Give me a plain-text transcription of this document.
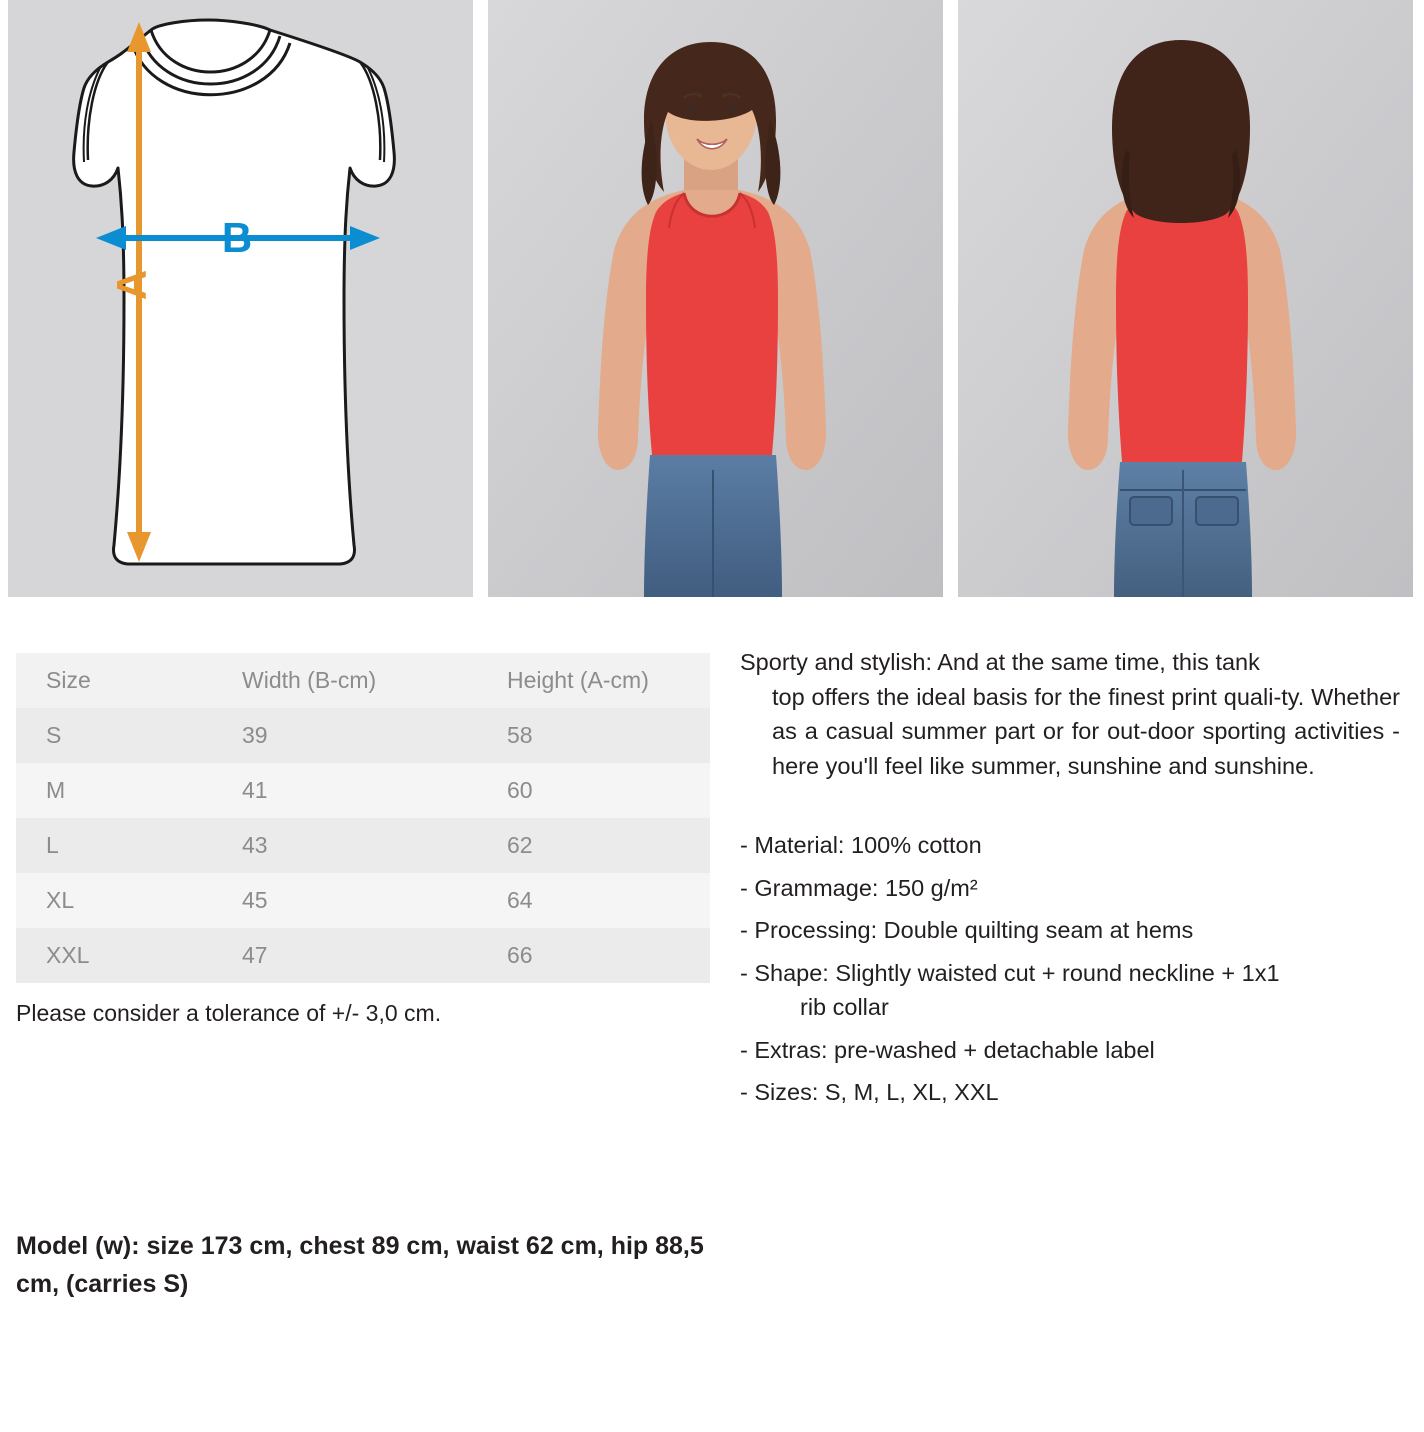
B
A
Size	Width (B-cm)	Height (A-cm)
S	39	58
M	41	60
L	43	62
XL	45	64
XXL	47	66
Please consider a tolerance of +/- 3,0 cm.
Sporty and stylish: And at the same time, this tank
top offers the ideal basis for the finest print quali-ty. Whether as a casual summer part or for out-door sporting activities - here you'll feel like summer, sunshine and sunshine.
- Material: 100% cotton
- Grammage: 150 g/m²
- Processing: Double quilting seam at hems
- Shape: Slightly waisted cut + round neckline + 1x1
rib collar
- Extras: pre-washed + detachable label
- Sizes: S, M, L, XL, XXL
Model (w): size 173 cm, chest 89 cm, waist 62 cm, hip 88,5 cm, (carries S)
